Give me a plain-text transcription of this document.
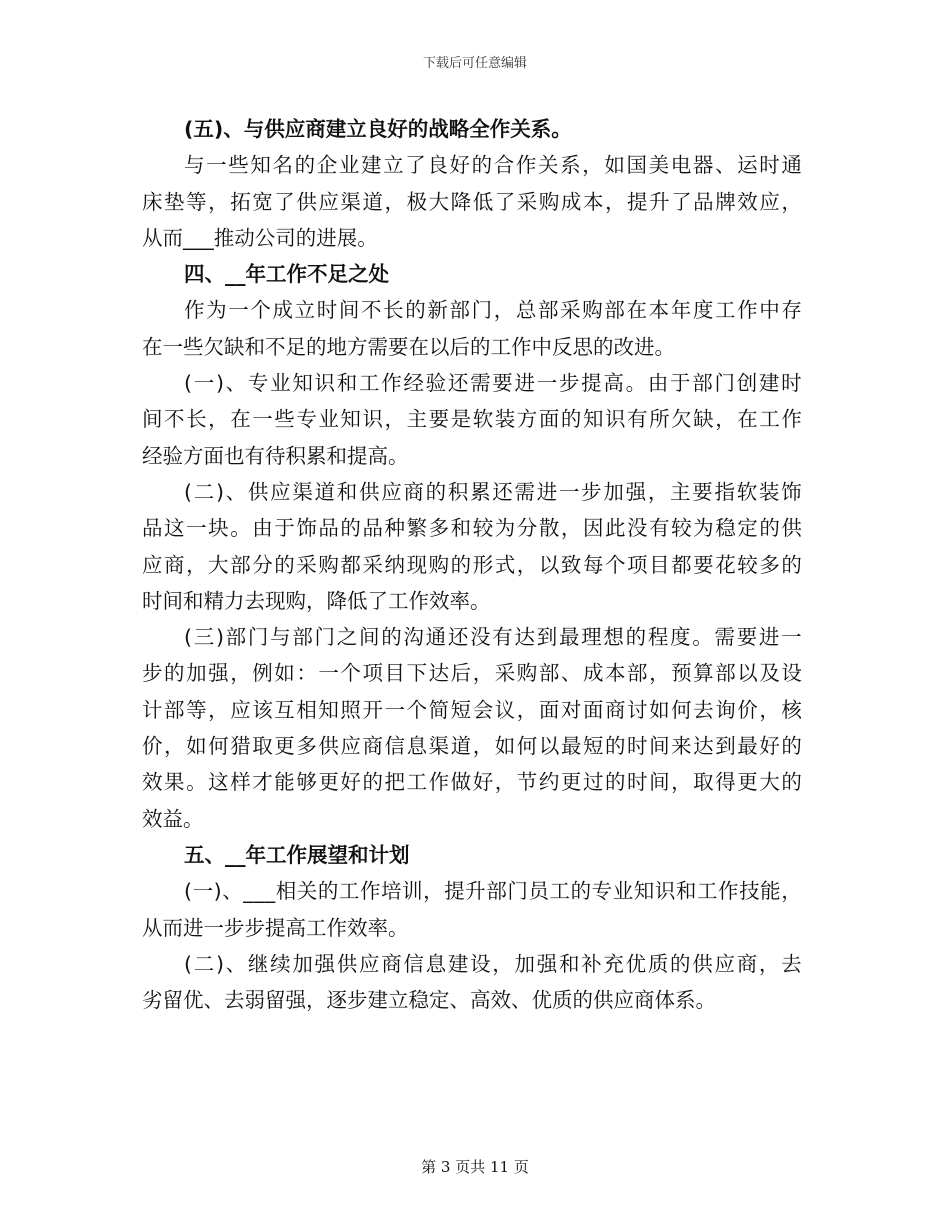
下载后可任意编辑
(五)、与供应商建立良好的战略全作关系。
与 一 些 知 名 的 企 业 建 立 了 良 好 的 合 作 关 系 ， 如 国 美 电 器 、 运 时 通
床 垫 等 ， 拓 宽 了 供 应 渠 道 ， 极 大 降 低 了 采 购 成 本 ， 提 升 了 品 牌 效 应 ，
从而___推动公司的进展。
四、__年工作不足之处
作 为 一 个 成 立 时 间 不 长 的 新 部 门 ， 总 部 采 购 部 在 本 年 度 工 作 中 存
在一些欠缺和不足的地方需要在以后的工作中反思的改进。
( 一 ) 、 专 业 知 识 和 工 作 经 验 还 需 要 进 一 步 提 高 。 由 于 部 门 创 建 时
间 不 长 ， 在 一 些 专 业 知 识 ， 主 要 是 软 装 方 面 的 知 识 有 所 欠 缺 ， 在 工 作
经验方面也有待积累和提高。
( 二 ) 、 供 应 渠 道 和 供 应 商 的 积 累 还 需 进 一 步 加 强 ， 主 要 指 软 装 饰
品 这 一 块 。 由 于 饰 品 的 品 种 繁 多 和 较 为 分 散 ， 因 此 没 有 较 为 稳 定 的 供
应 商 ， 大 部 分 的 采 购 都 采 纳 现 购 的 形 式 ， 以 致 每 个 项 目 都 要 花 较 多 的
时间和精力去现购，降低了工作效率。
( 三 ) 部 门 与 部 门 之 间 的 沟 通 还 没 有 达 到 最 理 想 的 程 度 。 需 要 进 一
步 的 加 强 ， 例 如 ： 一 个 项 目 下 达 后 ， 采 购 部 、 成 本 部 ， 预 算 部 以 及 设
计 部 等 ， 应 该 互 相 知 照 开 一 个 简 短 会 议 ， 面 对 面 商 讨 如 何 去 询 价 ， 核
价 ， 如 何 猎 取 更 多 供 应 商 信 息 渠 道 ， 如 何 以 最 短 的 时 间 来 达 到 最 好 的
效 果 。 这 样 才 能 够 更 好 的 把 工 作 做 好 ， 节 约 更 过 的 时 间 ， 取 得 更 大 的
效益。
五、__年工作展望和计划
( 一 ) 、 _ _ _ 相 关 的 工 作 培 训 ， 提 升 部 门 员 工 的 专 业 知 识 和 工 作 技 能 ，
从而进一步步提高工作效率。
( 二 ) 、 继 续 加 强 供 应 商 信 息 建 设 ， 加 强 和 补 充 优 质 的 供 应 商 ， 去
劣留优、去弱留强，逐步建立稳定、高效、优质的供应商体系。
第 3 页共 11 页
